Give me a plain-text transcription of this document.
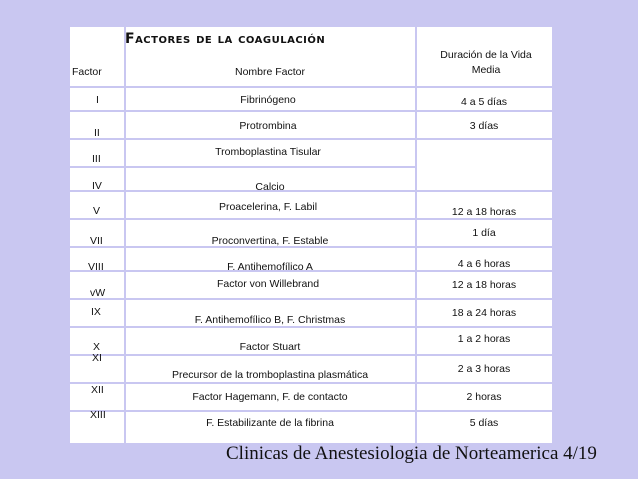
Factores de la coagulación
Factor	Nombre Factor
Duración de la Vida
Media
I
II
III
IV
V
VII
VIII
vW
IX
X
XI
XII
XIII
Fibrinógeno
Protrombina
Tromboplastina Tisular
Calcio
Proacelerina, F. Labil
Proconvertina, F. Estable
F. Antihemofílico A
Factor von Willebrand
F. Antihemofílico B, F. Christmas
Factor Stuart
Precursor de la tromboplastina plasmática
Factor Hagemann, F. de contacto
F. Estabilizante de la fibrina
4 a 5 días
3 días
12 a 18 horas
1 día
4 a 6 horas
12 a 18 horas
18 a 24 horas
1 a 2 horas
2 a 3 horas
2 horas
5 días
Clinicas de Anestesiologia de Norteamerica 4/19
